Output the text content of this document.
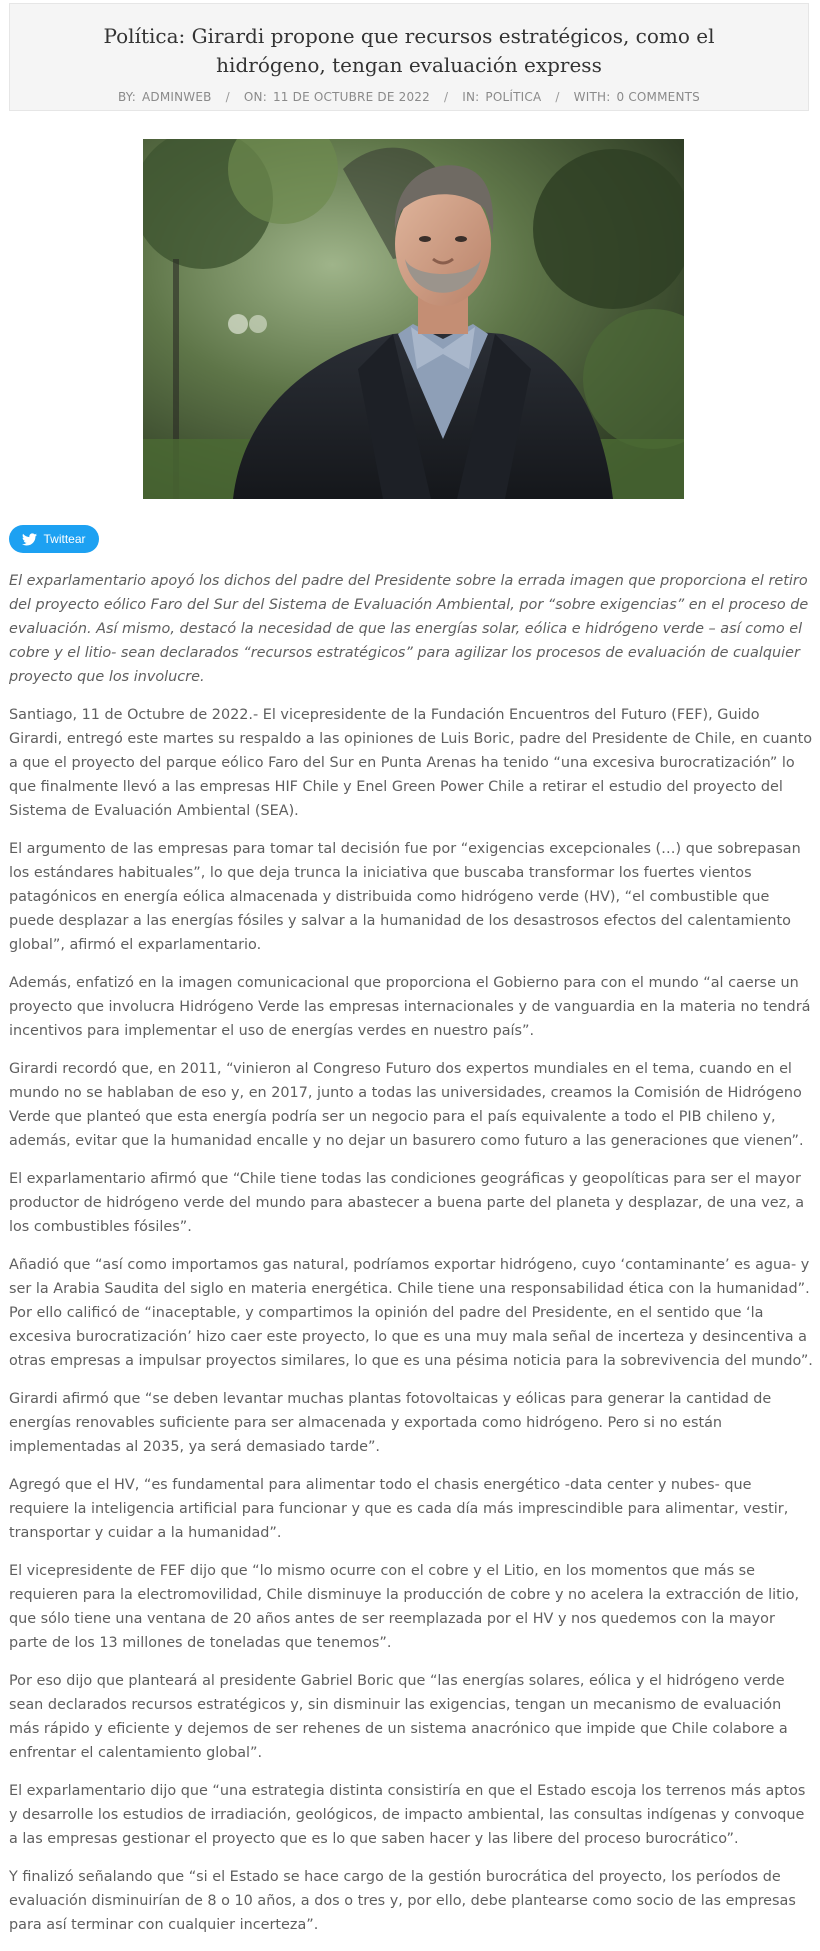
Política: Girardi propone que recursos estratégicos, como el hidrógeno, tengan evaluación express
BY: ADMINWEB / ON: 11 DE OCTUBRE DE 2022 / IN: POLÍTICA / WITH: 0 COMMENTS
Twittear

El exparlamentario apoyó los dichos del padre del Presidente sobre la errada imagen que proporciona el retiro del proyecto eólico Faro del Sur del Sistema de Evaluación Ambiental, por “sobre exigencias” en el proceso de evaluación. Así mismo, destacó la necesidad de que las energías solar, eólica e hidrógeno verde – así como el cobre y el litio- sean declarados “recursos estratégicos” para agilizar los procesos de evaluación de cualquier proyecto que los involucre.

Santiago, 11 de Octubre de 2022.- El vicepresidente de la Fundación Encuentros del Futuro (FEF), Guido Girardi, entregó este martes su respaldo a las opiniones de Luis Boric, padre del Presidente de Chile, en cuanto a que el proyecto del parque eólico Faro del Sur en Punta Arenas ha tenido “una excesiva burocratización” lo que finalmente llevó a las empresas HIF Chile y Enel Green Power Chile a retirar el estudio del proyecto del Sistema de Evaluación Ambiental (SEA).

El argumento de las empresas para tomar tal decisión fue por “exigencias excepcionales (…) que sobrepasan los estándares habituales”, lo que deja trunca la iniciativa que buscaba transformar los fuertes vientos patagónicos en energía eólica almacenada y distribuida como hidrógeno verde (HV), “el combustible que puede desplazar a las energías fósiles y salvar a la humanidad de los desastrosos efectos del calentamiento global”, afirmó el exparlamentario.

Además, enfatizó en la imagen comunicacional que proporciona el Gobierno para con el mundo “al caerse un proyecto que involucra Hidrógeno Verde las empresas internacionales y de vanguardia en la materia no tendrá incentivos para implementar el uso de energías verdes en nuestro país”.

Girardi recordó que, en 2011, “vinieron al Congreso Futuro dos expertos mundiales en el tema, cuando en el mundo no se hablaban de eso y, en 2017, junto a todas las universidades, creamos la Comisión de Hidrógeno Verde que planteó que esta energía podría ser un negocio para el país equivalente a todo el PIB chileno y, además, evitar que la humanidad encalle y no dejar un basurero como futuro a las generaciones que vienen”.

El exparlamentario afirmó que “Chile tiene todas las condiciones geográficas y geopolíticas para ser el mayor productor de hidrógeno verde del mundo para abastecer a buena parte del planeta y desplazar, de una vez, a los combustibles fósiles”.

Añadió que “así como importamos gas natural, podríamos exportar hidrógeno, cuyo ‘contaminante’ es agua- y ser la Arabia Saudita del siglo en materia energética. Chile tiene una responsabilidad ética con la humanidad”.
Por ello calificó de “inaceptable, y compartimos la opinión del padre del Presidente, en el sentido que ‘la excesiva burocratización’ hizo caer este proyecto, lo que es una muy mala señal de incerteza y desincentiva a otras empresas a impulsar proyectos similares, lo que es una pésima noticia para la sobrevivencia del mundo”.

Girardi afirmó que “se deben levantar muchas plantas fotovoltaicas y eólicas para generar la cantidad de energías renovables suficiente para ser almacenada y exportada como hidrógeno. Pero si no están implementadas al 2035, ya será demasiado tarde”.

Agregó que el HV, “es fundamental para alimentar todo el chasis energético -data center y nubes- que requiere la inteligencia artificial para funcionar y que es cada día más imprescindible para alimentar, vestir, transportar y cuidar a la humanidad”.

El vicepresidente de FEF dijo que “lo mismo ocurre con el cobre y el Litio, en los momentos que más se requieren para la electromovilidad, Chile disminuye la producción de cobre y no acelera la extracción de litio, que sólo tiene una ventana de 20 años antes de ser reemplazada por el HV y nos quedemos con la mayor parte de los 13 millones de toneladas que tenemos”.

Por eso dijo que planteará al presidente Gabriel Boric que “las energías solares, eólica y el hidrógeno verde sean declarados recursos estratégicos y, sin disminuir las exigencias, tengan un mecanismo de evaluación más rápido y eficiente y dejemos de ser rehenes de un sistema anacrónico que impide que Chile colabore a enfrentar el calentamiento global”.

El exparlamentario dijo que “una estrategia distinta consistiría en que el Estado escoja los terrenos más aptos y desarrolle los estudios de irradiación, geológicos, de impacto ambiental, las consultas indígenas y convoque a las empresas gestionar el proyecto que es lo que saben hacer y las libere del proceso burocrático”.

Y finalizó señalando que “si el Estado se hace cargo de la gestión burocrática del proyecto, los períodos de evaluación disminuirían de 8 o 10 años, a dos o tres y, por ello, debe plantearse como socio de las empresas para así terminar con cualquier incerteza”.
